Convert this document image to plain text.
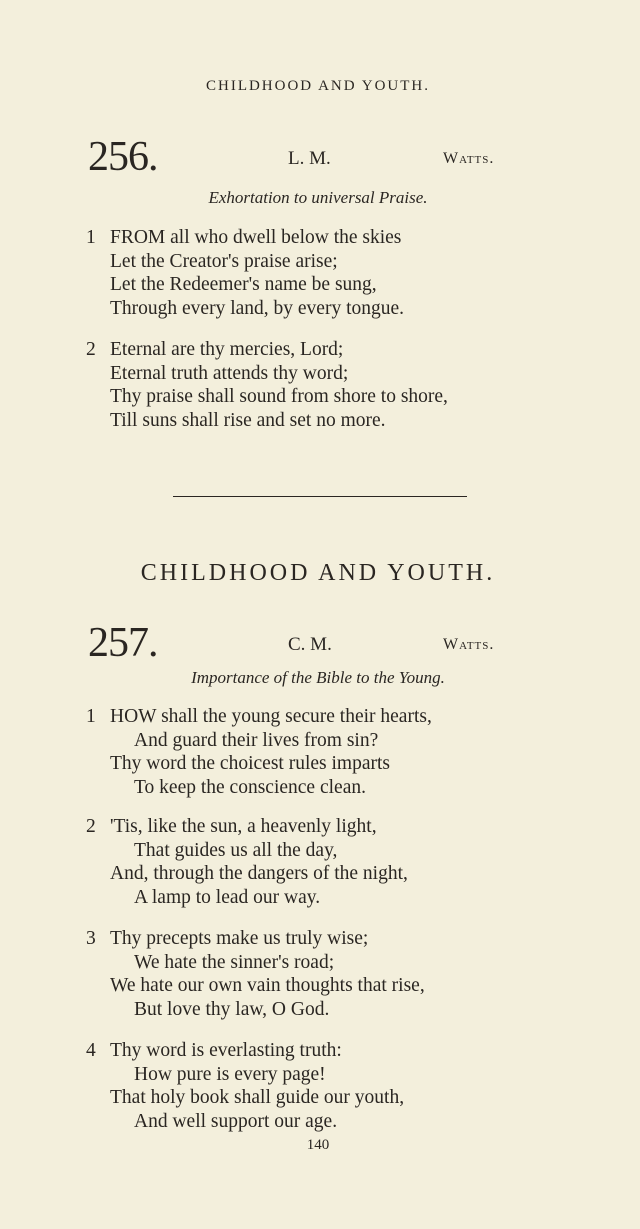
CHILDHOOD AND YOUTH.
256.	L. M.	Watts.
Exhortation to universal Praise.
1 FROM all who dwell below the skies
Let the Creator's praise arise;
Let the Redeemer's name be sung,
Through every land, by every tongue.
2 Eternal are thy mercies, Lord;
Eternal truth attends thy word;
Thy praise shall sound from shore to shore,
Till suns shall rise and set no more.
CHILDHOOD AND YOUTH.
257.	C. M.	Watts.
Importance of the Bible to the Young.
1 HOW shall the young secure their hearts,
And guard their lives from sin?
Thy word the choicest rules imparts
To keep the conscience clean.
2 'Tis, like the sun, a heavenly light,
That guides us all the day,
And, through the dangers of the night,
A lamp to lead our way.
3 Thy precepts make us truly wise;
We hate the sinner's road;
We hate our own vain thoughts that rise,
But love thy law, O God.
4 Thy word is everlasting truth:
How pure is every page!
That holy book shall guide our youth,
And well support our age.
140
